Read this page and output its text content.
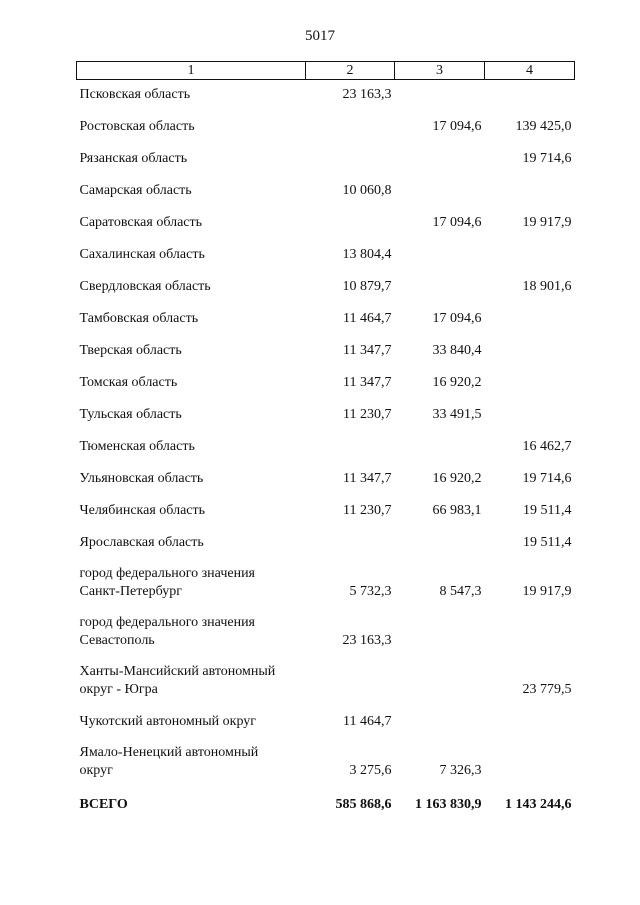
5017
1	2	3	4
Псковская область	23 163,3		
Ростовская область		17 094,6	139 425,0
Рязанская область			19 714,6
Самарская область	10 060,8		
Саратовская область		17 094,6	19 917,9
Сахалинская область	13 804,4		
Свердловская область	10 879,7		18 901,6
Тамбовская область	11 464,7	17 094,6	
Тверская область	11 347,7	33 840,4	
Томская область	11 347,7	16 920,2	
Тульская область	11 230,7	33 491,5	
Тюменская область			16 462,7
Ульяновская область	11 347,7	16 920,2	19 714,6
Челябинская область	11 230,7	66 983,1	19 511,4
Ярославская область			19 511,4
город федерального значения
Санкт-Петербург	5 732,3	8 547,3	19 917,9
город федерального значения
Севастополь	23 163,3		
Ханты-Мансийский автономный
округ - Югра			23 779,5
Чукотский автономный округ	11 464,7		
Ямало-Ненецкий автономный
округ	3 275,6	7 326,3	
ВСЕГО	585 868,6	1 163 830,9	1 143 244,6
